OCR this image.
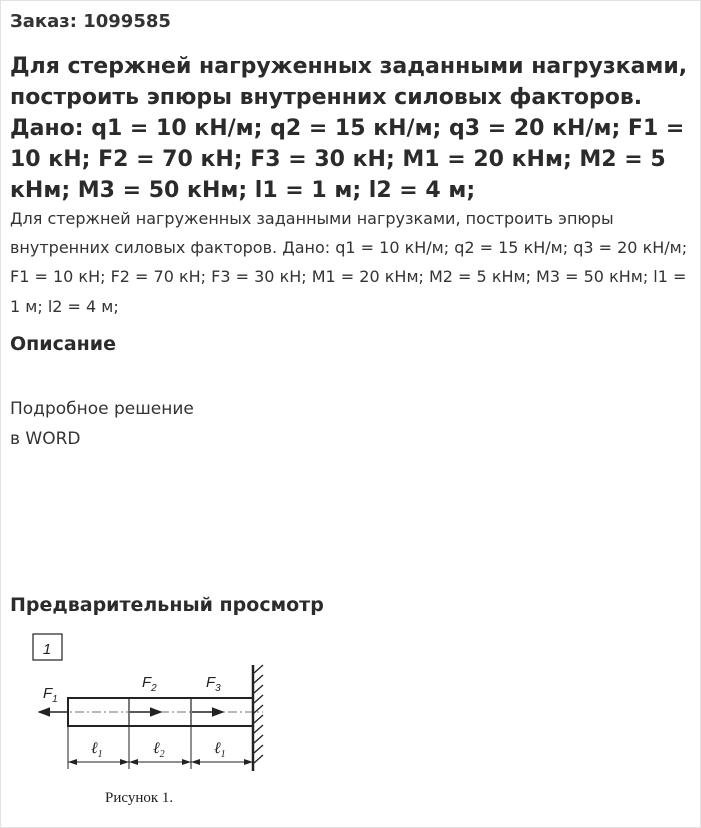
Заказ: 1099585
Для стержней нагруженных заданными нагрузками, построить эпюры внутренних силовых факторов. Дано: q1 = 10 кН/м; q2 = 15 кН/м; q3 = 20 кН/м; F1 = 10 кН; F2 = 70 кН; F3 = 30 кН; M1 = 20 кНм; M2 = 5 кНм; M3 = 50 кНм; l1 = 1 м; l2 = 4 м;

Для стержней нагруженных заданными нагрузками, построить эпюры внутренних силовых факторов. Дано: q1 = 10 кН/м; q2 = 15 кН/м; q3 = 20 кН/м; F1 = 10 кН; F2 = 70 кН; F3 = 30 кН; M1 = 20 кНм; M2 = 5 кНм; M3 = 50 кНм; l1 = 1 м; l2 = 4 м;

Описание
Подробное решение
в WORD
Предварительный просмотр
1
$F_1$
$F_2$	$F_3$
ℓ$_1$	ℓ$_2$	ℓ$_1$
Рисунок 1.
